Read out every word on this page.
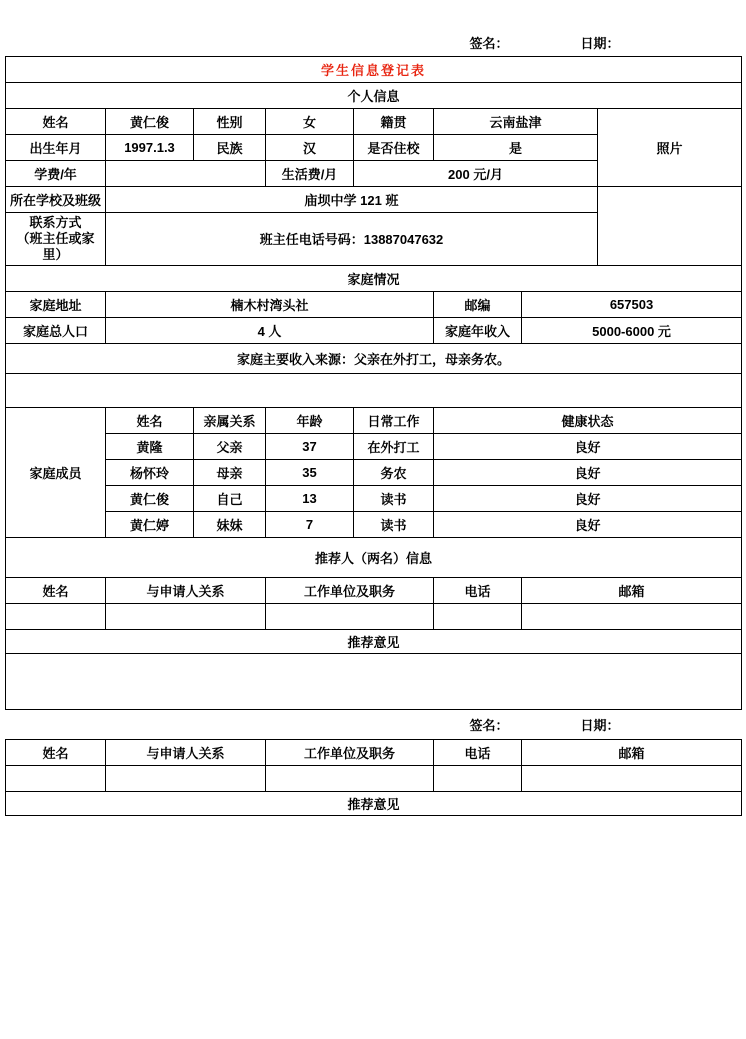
签名： 日期：							

学生信息登记表							
个人信息							
姓名	黄仁俊	性别	女	籍贯	云南盐津		照片
出生年月	1997.1.3	民族	汉	是否住校	是		
学费/年			生活费/月	200 元/月			
所在学校及班级	庙坝中学 121 班						

联系方式
（班主任或家里）	班主任电话号码：13887047632						
家庭情况							
家庭地址	楠木村湾头社				邮编	657503	
家庭总人口	4 人				家庭年收入	5000-6000 元	
家庭主要收入来源：父亲在外打工，母亲务农。							

家庭成员	姓名	亲属关系	年龄	日常工作	健康状态		
	黄隆	父亲	37	在外打工	良好		
	杨怀玲	母亲	35	务农	良好		
	黄仁俊	自己	13	读书	良好		
	黄仁婷	妹妹	7	读书	良好		
推荐人（两名）信息							
姓名	与申请人关系		工作单位及职务		电话	邮箱	

推荐意见							

签名： 日期：							

姓名	与申请人关系		工作单位及职务		电话	邮箱	

推荐意见							
